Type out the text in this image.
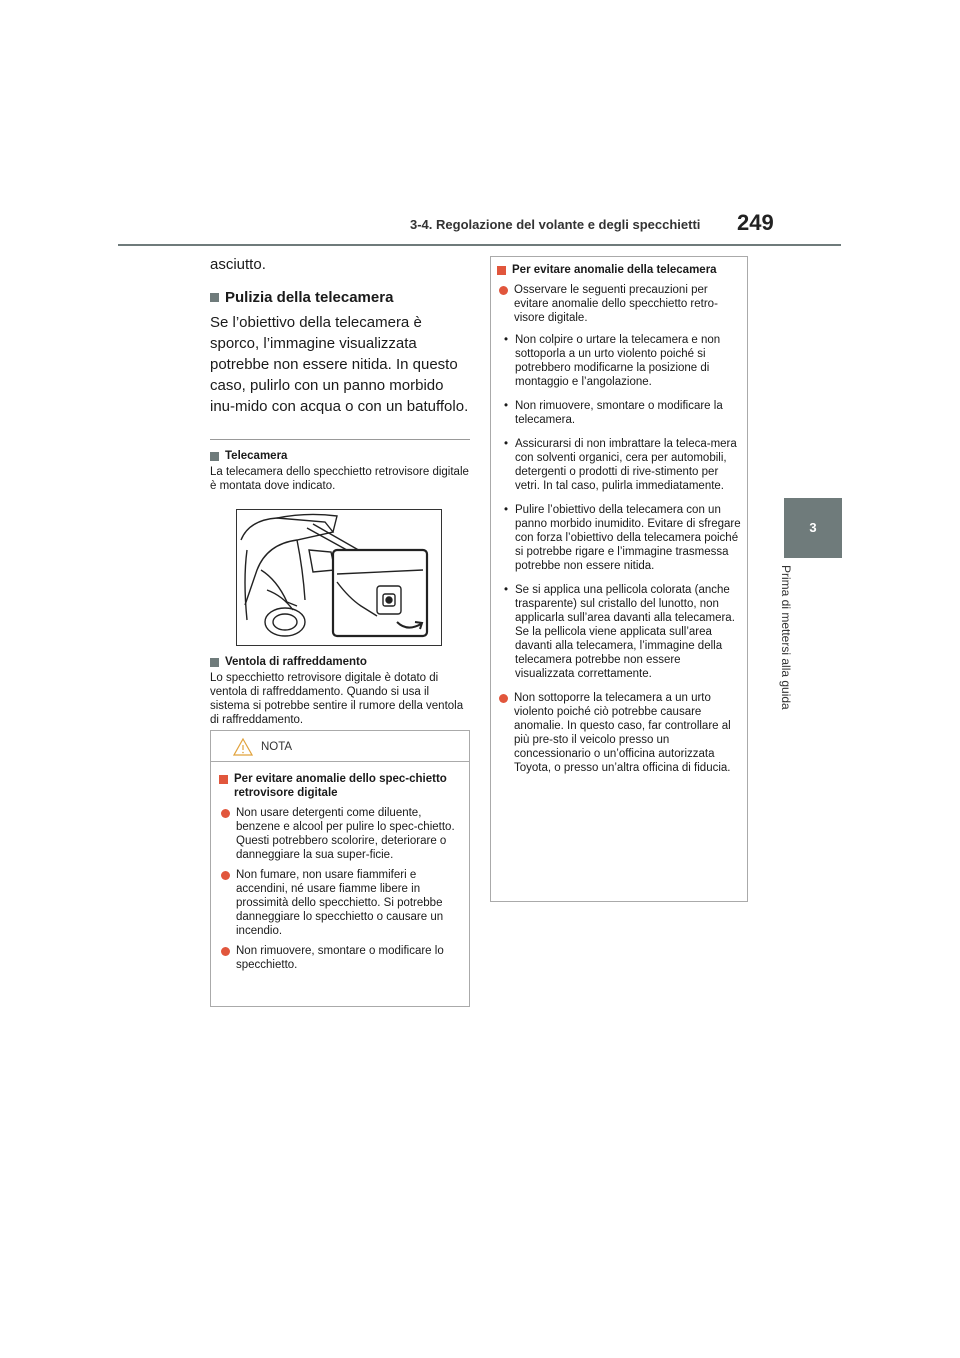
3-4. Regolazione del volante e degli specchietti 249
3
Prima di mettersi alla guida

asciutto.

Pulizia della telecamera

Se l’obiettivo della telecamera è sporco, l’immagine visualizzata potrebbe non essere nitida. In questo caso, pulirlo con un panno morbido inu-mido con acqua o con un batuffolo.

Telecamera

La telecamera dello specchietto retrovisore digitale è montata dove indicato.

Ventola di raffreddamento

Lo specchietto retrovisore digitale è dotato di ventola di raffreddamento. Quando si usa il sistema si potrebbe sentire il rumore della ventola di raffreddamento.

NOTA
Per evitare anomalie dello spec-chietto retrovisore digitale
Non usare detergenti come diluente, benzene e alcool per pulire lo spec-chietto. Questi potrebbero scolorire, deteriorare o danneggiare la sua super-ficie.
Non fumare, non usare fiammiferi e accendini, né usare fiamme libere in prossimità dello specchietto. Si potrebbe danneggiare lo specchietto o causare un incendio.
Non rimuovere, smontare o modificare lo specchietto.
Per evitare anomalie della telecamera
Osservare le seguenti precauzioni per evitare anomalie dello specchietto retro-visore digitale.
• Non colpire o urtare la telecamera e non sottoporla a un urto violento poiché si potrebbero modificarne la posizione di montaggio e l’angolazione.
• Non rimuovere, smontare o modificare la telecamera.
• Assicurarsi di non imbrattare la teleca-mera con solventi organici, cera per automobili, detergenti o prodotti di rive-stimento per vetri. In tal caso, pulirla immediatamente.
• Pulire l’obiettivo della telecamera con un panno morbido inumidito. Evitare di sfregare con forza l’obiettivo della telecamera poiché si potrebbe rigare e l’immagine trasmessa potrebbe non essere nitida.
• Se si applica una pellicola colorata (anche trasparente) sul cristallo del lunotto, non applicarla sull’area davanti alla telecamera. Se la pellicola viene applicata sull’area davanti alla telecamera, l’immagine della telecamera potrebbe non essere visualizzata correttamente.
Non sottoporre la telecamera a un urto violento poiché ciò potrebbe causare anomalie. In questo caso, far controllare al più pre-sto il veicolo presso un concessionario o un’officina autorizzata Toyota, o presso un’altra officina di fiducia.
